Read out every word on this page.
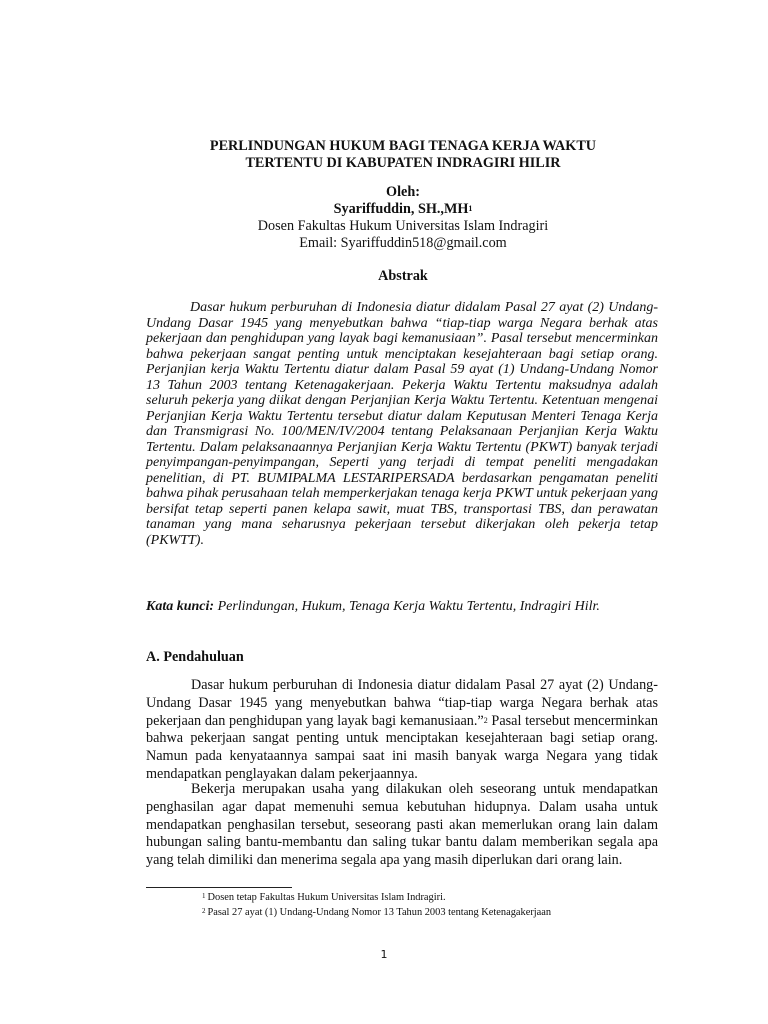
PERLINDUNGAN HUKUM BAGI TENAGA KERJA WAKTU
TERTENTU DI KABUPATEN INDRAGIRI HILIR
Oleh:
Syariffuddin, $SH.,MH^1$
Dosen Fakultas Hukum Universitas Islam Indragiri
Email: Syariffuddin518@gmail.com
Abstrak
Dasar hukum perburuhan di Indonesia diatur didalam Pasal 27 ayat (2) Undang-Undang Dasar 1945 yang menyebutkan bahwa “tiap-tiap warga Negara berhak atas pekerjaan dan penghidupan yang layak bagi kemanusiaan”. Pasal tersebut mencerminkan bahwa pekerjaan sangat penting untuk menciptakan kesejahteraan bagi setiap orang. Perjanjian kerja Waktu Tertentu diatur dalam Pasal 59 ayat (1) Undang-Undang Nomor 13 Tahun 2003 tentang Ketenagakerjaan. Pekerja Waktu Tertentu maksudnya adalah seluruh pekerja yang diikat dengan Perjanjian Kerja Waktu Tertentu. Ketentuan mengenai Perjanjian Kerja Waktu Tertentu tersebut diatur dalam Keputusan Menteri Tenaga Kerja dan Transmigrasi No. 100/MEN/IV/2004 tentang Pelaksanaan Perjanjian Kerja Waktu Tertentu. Dalam pelaksanaannya Perjanjian Kerja Waktu Tertentu (PKWT) banyak terjadi penyimpangan-penyimpangan, Seperti yang terjadi di tempat peneliti mengadakan penelitian, di PT. BUMIPALMA LESTARIPERSADA berdasarkan pengamatan peneliti bahwa pihak perusahaan telah memperkerjakan tenaga kerja PKWT untuk pekerjaan yang bersifat tetap seperti panen kelapa sawit, muat TBS, transportasi TBS, dan perawatan tanaman yang mana seharusnya pekerjaan tersebut dikerjakan oleh pekerja tetap (PKWTT).
Kata kunci: Perlindungan, Hukum, Tenaga Kerja Waktu Tertentu, Indragiri Hilr.
A. Pendahuluan
Dasar hukum perburuhan di Indonesia diatur didalam Pasal 27 ayat (2) Undang-Undang Dasar 1945 yang menyebutkan bahwa “tiap-tiap warga Negara berhak atas pekerjaan dan penghidupan yang layak bagi kemanusiaan.”$^2$ Pasal tersebut mencerminkan bahwa pekerjaan sangat penting untuk menciptakan kesejahteraan bagi setiap orang. Namun pada kenyataannya sampai saat ini masih banyak warga Negara yang tidak mendapatkan penglayakan dalam pekerjaannya.
Bekerja merupakan usaha yang dilakukan oleh seseorang untuk mendapatkan penghasilan agar dapat memenuhi semua kebutuhan hidupnya. Dalam usaha untuk mendapatkan penghasilan tersebut, seseorang pasti akan memerlukan orang lain dalam hubungan saling bantu-membantu dan saling tukar bantu dalam memberikan segala apa yang telah dimiliki dan menerima segala apa yang masih diperlukan dari orang lain.
$^1$ Dosen tetap Fakultas Hukum Universitas Islam Indragiri.
$^2$ Pasal 27 ayat (1) Undang-Undang Nomor 13 Tahun 2003 tentang Ketenagakerjaan
1
